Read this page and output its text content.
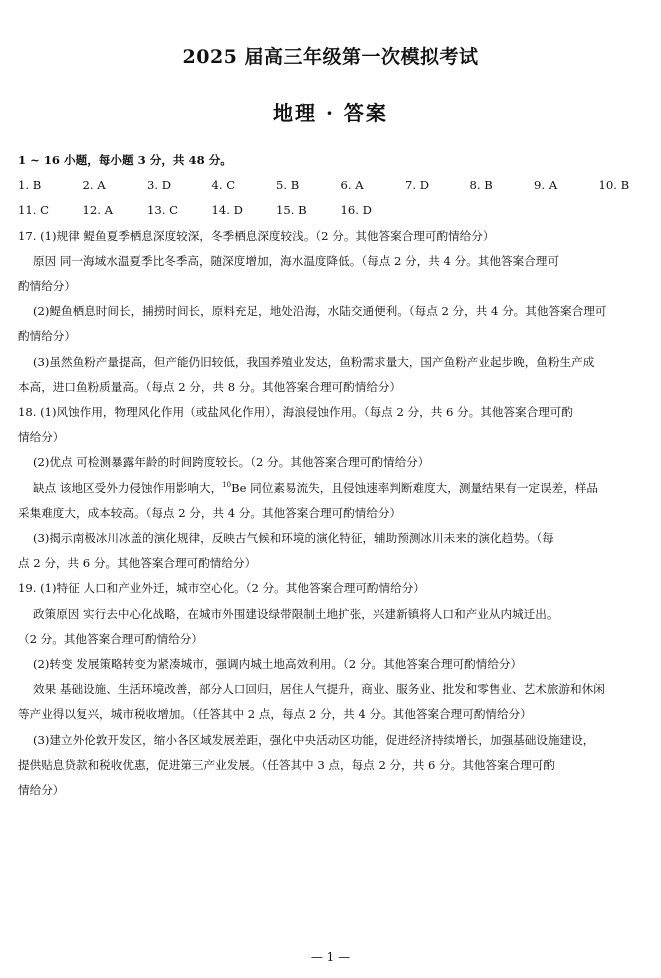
2025 届高三年级第一次模拟考试
地理 · 答案
1 ~ 16 小题，每小题 3 分，共 48 分。
1. B	2. A	3. D	4. C	5. B	6. A	7. D	8. B	9. A	10. B
11. C	12. A	13. C	14. D	15. B	16. D
17. (1)规律 鳀鱼夏季栖息深度较深，冬季栖息深度较浅。（2 分。其他答案合理可酌情给分）
原因 同一海域水温夏季比冬季高，随深度增加，海水温度降低。（每点 2 分，共 4 分。其他答案合理可
酌情给分）
(2)鳀鱼栖息时间长，捕捞时间长，原料充足，地处沿海，水陆交通便利。（每点 2 分，共 4 分。其他答案合理可
酌情给分）
(3)虽然鱼粉产量提高，但产能仍旧较低，我国养殖业发达，鱼粉需求量大，国产鱼粉产业起步晚，鱼粉生产成
本高，进口鱼粉质量高。（每点 2 分，共 8 分。其他答案合理可酌情给分）
18. (1)风蚀作用，物理风化作用（或盐风化作用），海浪侵蚀作用。（每点 2 分，共 6 分。其他答案合理可酌
情给分）
(2)优点 可检测暴露年龄的时间跨度较长。（2 分。其他答案合理可酌情给分）
缺点 该地区受外力侵蚀作用影响大，$^{10}$Be 同位素易流失，且侵蚀速率判断难度大，测量结果有一定误差，样品
采集难度大，成本较高。（每点 2 分，共 4 分。其他答案合理可酌情给分）
(3)揭示南极冰川冰盖的演化规律，反映古气候和环境的演化特征，辅助预测冰川未来的演化趋势。（每
点 2 分，共 6 分。其他答案合理可酌情给分）
19. (1)特征 人口和产业外迁，城市空心化。（2 分。其他答案合理可酌情给分）
政策原因 实行去中心化战略，在城市外围建设绿带限制土地扩张，兴建新镇将人口和产业从内城迁出。
（2 分。其他答案合理可酌情给分）
(2)转变 发展策略转变为紧凑城市，强调内城土地高效利用。（2 分。其他答案合理可酌情给分）
效果 基础设施、生活环境改善，部分人口回归，居住人气提升，商业、服务业、批发和零售业、艺术旅游和休闲
等产业得以复兴，城市税收增加。（任答其中 2 点，每点 2 分，共 4 分。其他答案合理可酌情给分）
(3)建立外伦敦开发区，缩小各区域发展差距，强化中央活动区功能，促进经济持续增长，加强基础设施建设，
提供贴息贷款和税收优惠，促进第三产业发展。（任答其中 3 点，每点 2 分，共 6 分。其他答案合理可酌
情给分）
— 1 —
